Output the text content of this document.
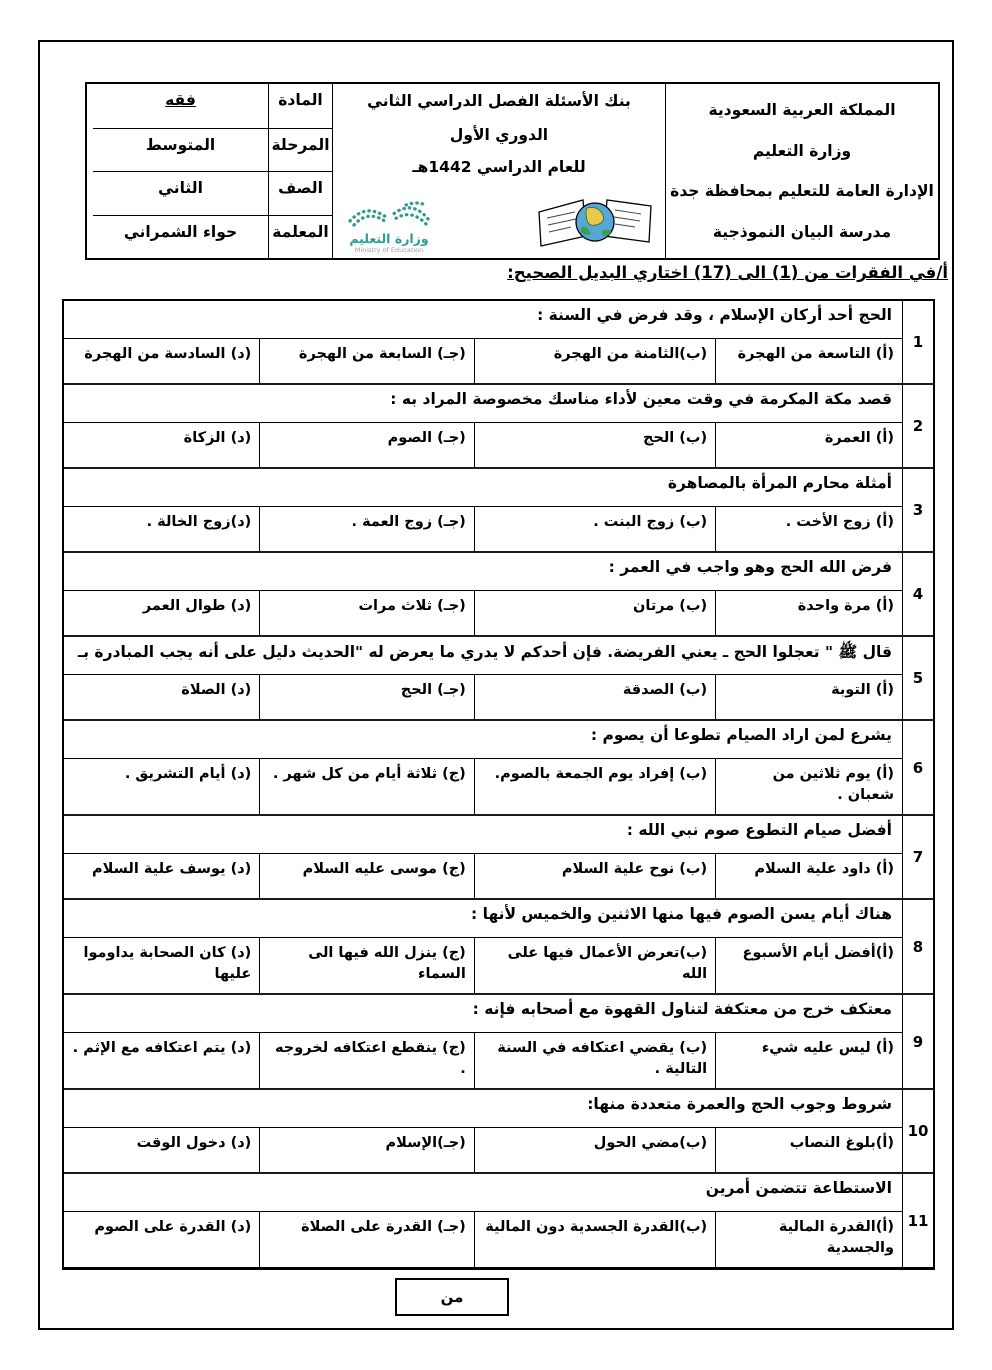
المملكة العربية السعودية
وزارة التعليم
الإدارة العامة للتعليم بمحافظة جدة
مدرسة البيان النموذجية
بنك الأسئلة الفصل الدراسي الثاني
الدوري الأول
للعام الدراسي 1442هـ
وزارة التعليم
Ministry of Education
المادة
المرحلة
الصف
المعلمة
فقه
المتوسط
الثاني
حواء الشمراني
أ/في الفقرات من (1) الى (17) اختاري البديل الصحيح:
1
الحج أحد أركان الإسلام ، وقد فرض في السنة :
(أ) التاسعة من الهجرة
(ب)الثامنة من الهجرة
(جـ) السابعة من الهجرة
(د) السادسة من الهجرة
2
قصد مكة المكرمة في وقت معين لأداء مناسك مخصوصة المراد به :
(أ) العمرة
(ب) الحج
(جـ) الصوم
(د) الزكاة
3
أمثلة محارم المرأة بالمصاهرة
(أ) زوج الأخت .
(ب) زوج البنت .
(جـ) زوج العمة .
(د)زوج الخالة .
4
فرض الله الحج وهو واجب في العمر :
(أ) مرة واحدة
(ب) مرتان
(جـ) ثلاث مرات
(د) طوال العمر
5
قال ﷺ " تعجلوا الحج ـ يعني الفريضة. فإن أحدكم لا يدري ما يعرض له "الحديث دليل على أنه يجب المبادرة بـ
(أ) التوبة
(ب) الصدقة
(جـ) الحج
(د) الصلاة
6
يشرع لمن اراد الصيام تطوعا أن يصوم :
(أ) يوم ثلاثين من شعبان .
(ب) إفراد يوم الجمعة بالصوم.
(ج) ثلاثة أيام من كل شهر .
(د) أيام التشريق .
7
أفضل صيام التطوع صوم نبي الله :
(أ) داود علية السلام
(ب) نوح علية السلام
(ج) موسى عليه السلام
(د) يوسف علية السلام
8
هناك أيام يسن الصوم فيها منها الاثنين والخميس لأنها :
(أ)أفضل أيام الأسبوع
(ب)تعرض الأعمال فيها على الله
(ج) ينزل الله فيها الى السماء
(د) كان الصحابة يداوموا عليها
9
معتكف خرج من معتكفة لتناول القهوة مع أصحابه فإنه :
(أ) ليس عليه شيء
(ب) يقضي اعتكافه في السنة التالية .
(ج) ينقطع اعتكافه لخروجه .
(د) يتم اعتكافه مع الإثم .
10
شروط وجوب الحج والعمرة متعددة منها:
(أ)بلوغ النصاب
(ب)مضي الحول
(جـ)الإسلام
(د) دخول الوقت
11
الاستطاعة تتضمن أمرين
(أ)القدرة المالية والجسدية
(ب)القدرة الجسدية دون المالية
(جـ) القدرة على الصلاة
(د) القدرة على الصوم
من
